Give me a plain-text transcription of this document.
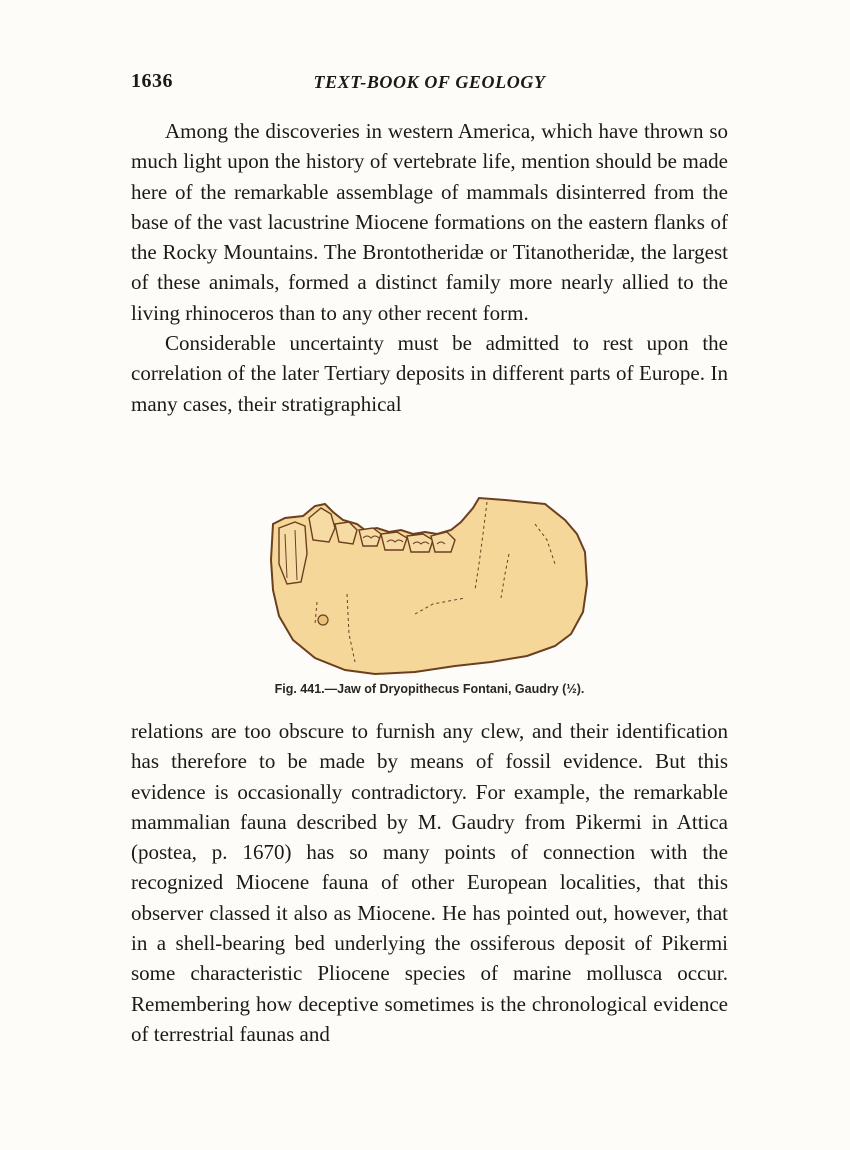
1636	TEXT-BOOK OF GEOLOGY

Among the discoveries in western America, which have thrown so much light upon the history of vertebrate life, mention should be made here of the remarkable assemblage of mammals disinterred from the base of the vast lacustrine Miocene formations on the eastern flanks of the Rocky Mountains. The Brontotheridæ or Titanotheridæ, the largest of these animals, formed a distinct family more nearly allied to the living rhinoceros than to any other recent form.

Considerable uncertainty must be admitted to rest upon the correlation of the later Tertiary deposits in different parts of Europe. In many cases, their stratigraphical

Fig. 441.—Jaw of Dryopithecus Fontani, Gaudry (½).

relations are too obscure to furnish any clew, and their identification has therefore to be made by means of fossil evidence. But this evidence is occasionally contradictory. For example, the remarkable mammalian fauna described by M. Gaudry from Pikermi in Attica (postea, p. 1670) has so many points of connection with the recognized Miocene fauna of other European localities, that this observer classed it also as Miocene. He has pointed out, however, that in a shell-bearing bed underlying the ossiferous deposit of Pikermi some characteristic Pliocene species of marine mollusca occur. Remembering how deceptive sometimes is the chronological evidence of terrestrial faunas and
